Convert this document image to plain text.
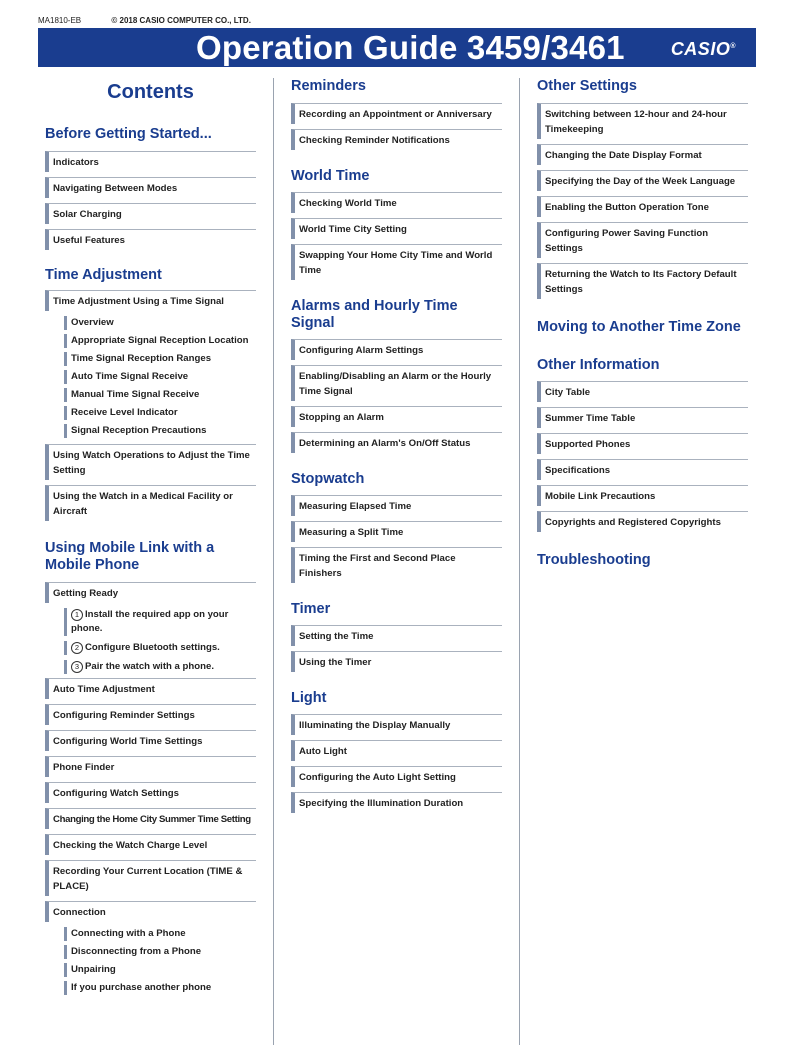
MA1810-EB	© 2018 CASIO COMPUTER CO., LTD.
Operation Guide 3459/3461	CASIO®
Contents
Before Getting Started...
Indicators
Navigating Between Modes
Solar Charging
Useful Features
Time Adjustment
Time Adjustment Using a Time Signal
Overview
Appropriate Signal Reception Location
Time Signal Reception Ranges
Auto Time Signal Receive
Manual Time Signal Receive
Receive Level Indicator
Signal Reception Precautions
Using Watch Operations to Adjust the Time Setting
Using the Watch in a Medical Facility or Aircraft
Using Mobile Link with a Mobile Phone
Getting Ready
1 Install the required app on your phone.
2 Configure Bluetooth settings.
3 Pair the watch with a phone.
Auto Time Adjustment
Configuring Reminder Settings
Configuring World Time Settings
Phone Finder
Configuring Watch Settings
Changing the Home City Summer Time Setting
Checking the Watch Charge Level
Recording Your Current Location (TIME & PLACE)
Connection
Connecting with a Phone
Disconnecting from a Phone
Unpairing
If you purchase another phone
Reminders
Recording an Appointment or Anniversary
Checking Reminder Notifications
World Time
Checking World Time
World Time City Setting
Swapping Your Home City Time and World Time
Alarms and Hourly Time Signal
Configuring Alarm Settings
Enabling/Disabling an Alarm or the Hourly Time Signal
Stopping an Alarm
Determining an Alarm's On/Off Status
Stopwatch
Measuring Elapsed Time
Measuring a Split Time
Timing the First and Second Place Finishers
Timer
Setting the Time
Using the Timer
Light
Illuminating the Display Manually
Auto Light
Configuring the Auto Light Setting
Specifying the Illumination Duration
Other Settings
Switching between 12-hour and 24-hour Timekeeping
Changing the Date Display Format
Specifying the Day of the Week Language
Enabling the Button Operation Tone
Configuring Power Saving Function Settings
Returning the Watch to Its Factory Default Settings
Moving to Another Time Zone
Other Information
City Table
Summer Time Table
Supported Phones
Specifications
Mobile Link Precautions
Copyrights and Registered Copyrights
Troubleshooting
